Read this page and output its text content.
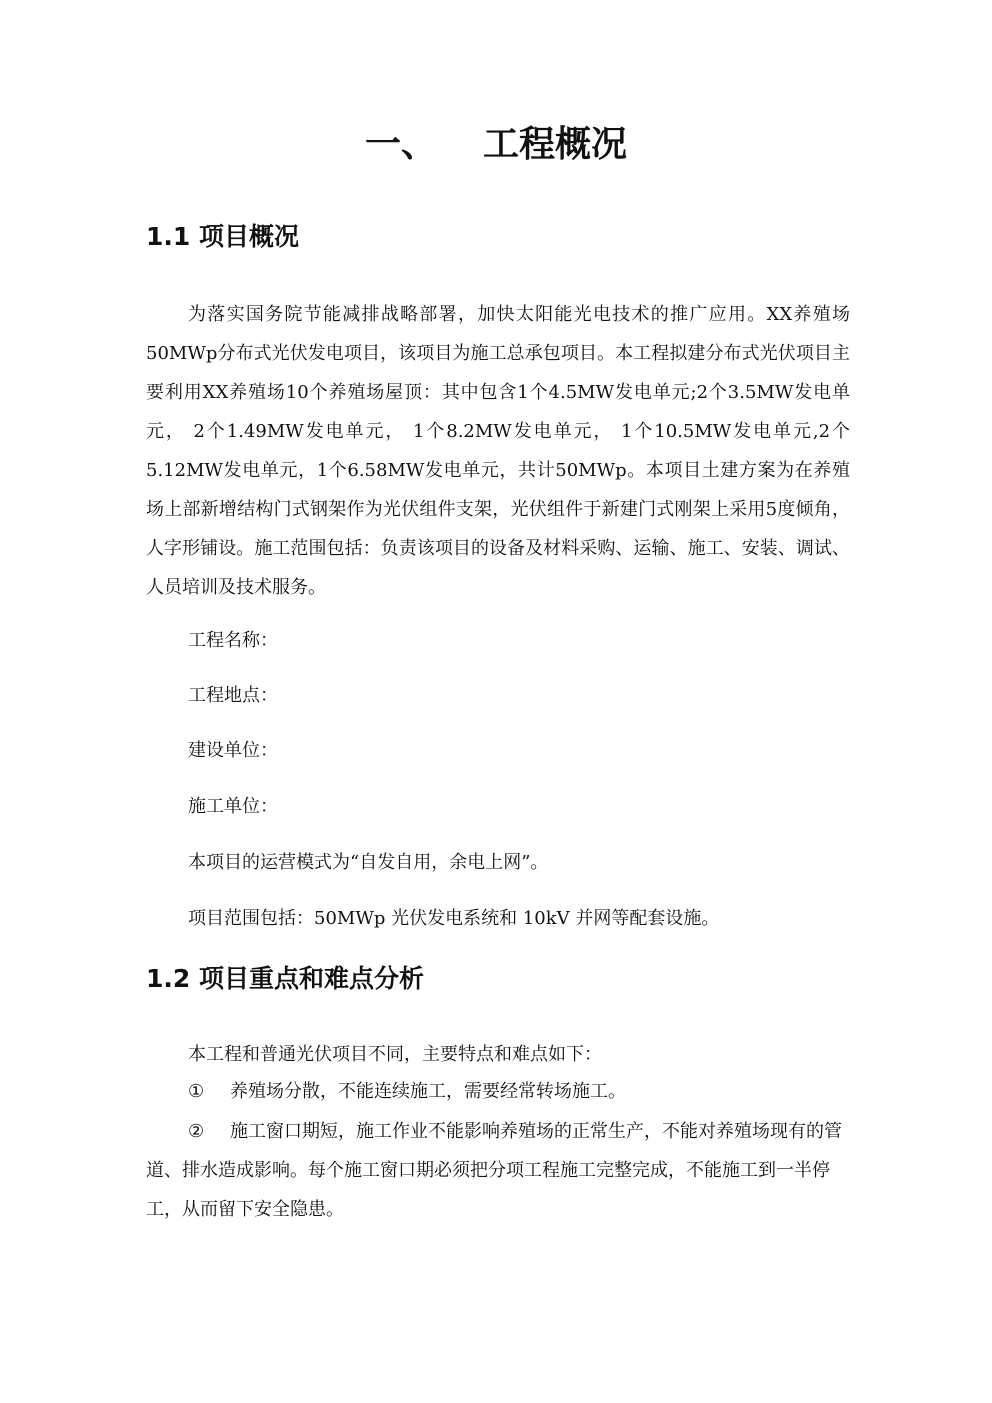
一、 工程概况
1.1 项目概况
为落实国务院节能减排战略部署，加快太阳能光电技术的推广应用。XX养殖场50MWp分布式光伏发电项目，该项目为施工总承包项目。本工程拟建分布式光伏项目主要利用XX养殖场10个养殖场屋顶：其中包含1个4.5MW发电单元;2个3.5MW发电单元， 2个1.49MW发电单元， 1个8.2MW发电单元， 1个10.5MW发电单元,2个5.12MW发电单元，1个6.58MW发电单元，共计50MWp。本项目土建方案为在养殖场上部新增结构门式钢架作为光伏组件支架，光伏组件于新建门式刚架上采用5度倾角，人字形铺设。施工范围包括：负责该项目的设备及材料采购、运输、施工、安装、调试、人员培训及技术服务。
工程名称：
工程地点：
建设单位：
施工单位：
本项目的运营模式为“自发自用，余电上网”。
项目范围包括：50MWp 光伏发电系统和 10kV 并网等配套设施。
1.2 项目重点和难点分析
本工程和普通光伏项目不同，主要特点和难点如下：
① 养殖场分散，不能连续施工，需要经常转场施工。
② 施工窗口期短，施工作业不能影响养殖场的正常生产，不能对养殖场现有的管道、排水造成影响。每个施工窗口期必须把分项工程施工完整完成，不能施工到一半停工，从而留下安全隐患。
